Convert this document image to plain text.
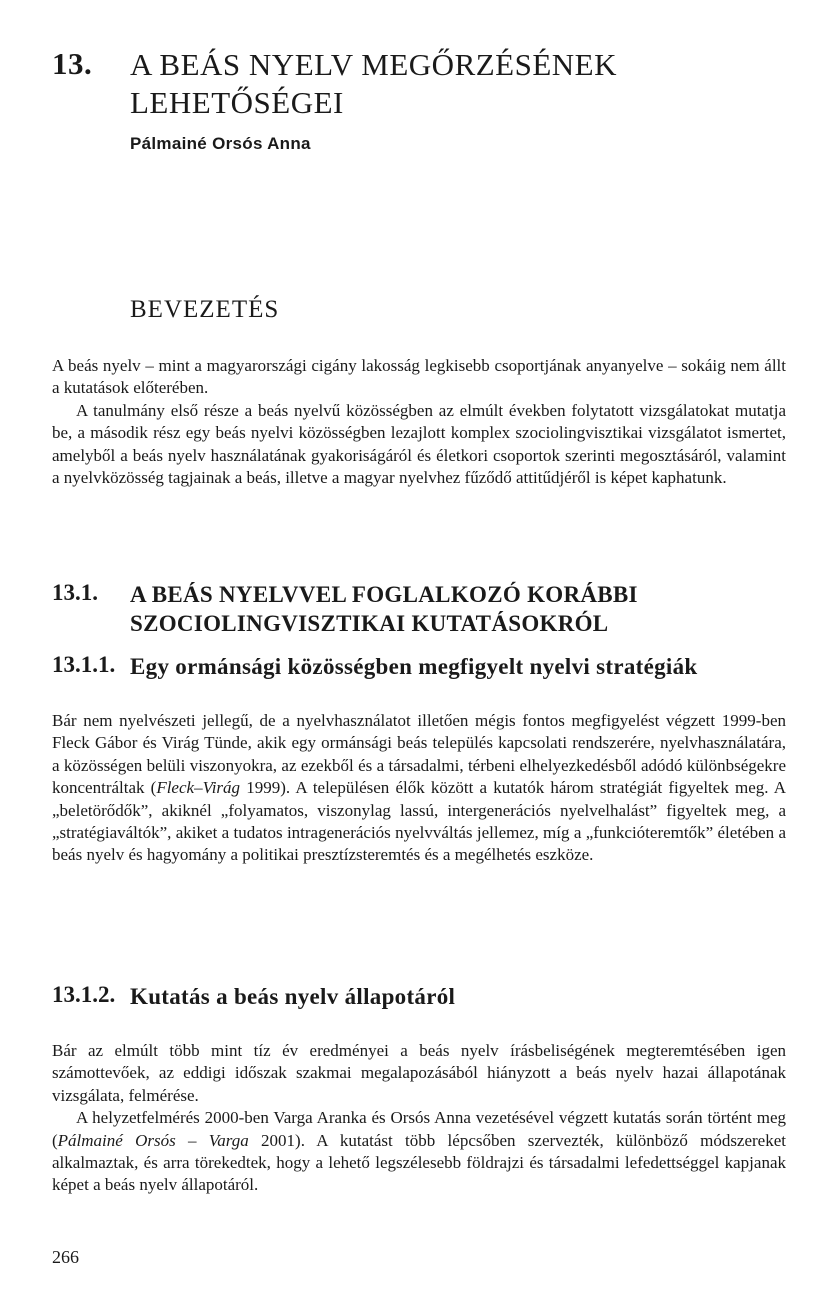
13. A BEÁS NYELV MEGŐRZÉSÉNEK
LEHETŐSÉGEI
Pálmainé Orsós Anna
BEVEZETÉS

A beás nyelv – mint a magyarországi cigány lakosság legkisebb csoportjának anyanyelve – sokáig nem állt a kutatások előterében.

A tanulmány első része a beás nyelvű közösségben az elmúlt években folytatott vizsgálatokat mutatja be, a második rész egy beás nyelvi közösségben lezajlott komplex szociolingvisztikai vizsgálatot ismertet, amelyből a beás nyelv használatának gyakoriságáról és életkori csoportok szerinti megosztásáról, valamint a nyelvközösség tagjainak a beás, illetve a magyar nyelvhez fűződő attitűdjéről is képet kaphatunk.

13.1. A BEÁS NYELVVEL FOGLALKOZÓ KORÁBBI
SZOCIOLINGVISZTIKAI KUTATÁSOKRÓL
13.1.1. Egy ormánsági közösségben megfigyelt nyelvi stratégiák

Bár nem nyelvészeti jellegű, de a nyelvhasználatot illetően mégis fontos megfigyelést végzett 1999-ben Fleck Gábor és Virág Tünde, akik egy ormánsági beás település kapcsolati rendszerére, nyelvhasználatára, a közösségen belüli viszonyokra, az ezekből és a társadalmi, térbeni elhelyezkedésből adódó különbségekre koncentráltak (Fleck–Virág 1999). A településen élők között a kutatók három stratégiát figyeltek meg. A „beletörődők”, akiknél „folyamatos, viszonylag lassú, intergenerációs nyelvelhalást” figyeltek meg, a „stratégiaváltók”, akiket a tudatos intragenerációs nyelvváltás jellemez, míg a „funkcióteremtők” életében a beás nyelv és hagyomány a politikai presztízsteremtés és a megélhetés eszköze.

13.1.2. Kutatás a beás nyelv állapotáról

Bár az elmúlt több mint tíz év eredményei a beás nyelv írásbeliségének megteremtésében igen számottevőek, az eddigi időszak szakmai megalapozásából hiányzott a beás nyelv hazai állapotának vizsgálata, felmérése.

A helyzetfelmérés 2000-ben Varga Aranka és Orsós Anna vezetésével végzett kutatás során történt meg (Pálmainé Orsós – Varga 2001). A kutatást több lépcsőben szervezték, különböző módszereket alkalmaztak, és arra törekedtek, hogy a lehető legszélesebb földrajzi és társadalmi lefedettséggel kapjanak képet a beás nyelv állapotáról.

266
